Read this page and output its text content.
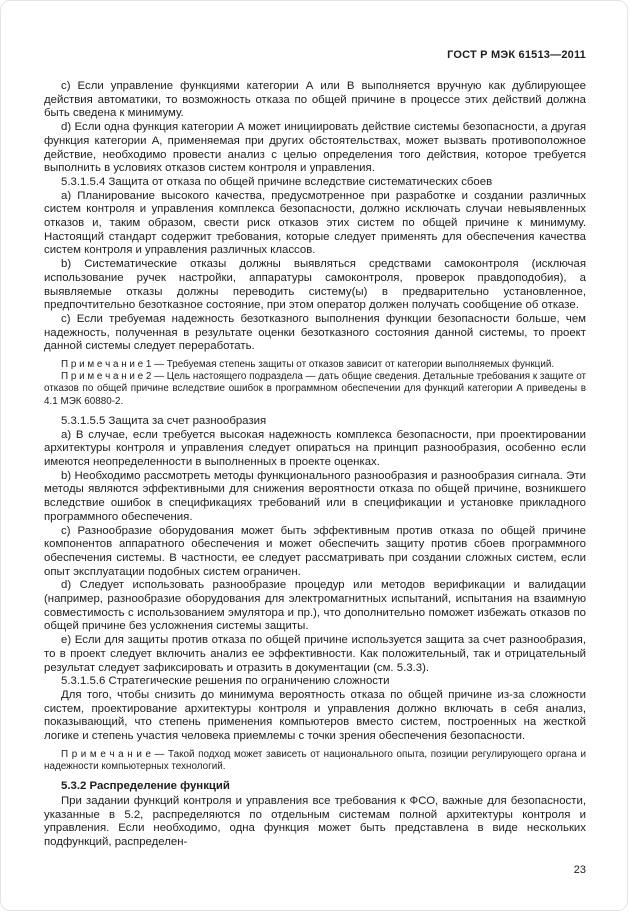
ГОСТ Р МЭК 61513—2011

c) Если управление функциями категории А или В выполняется вручную как дублирующее действия автоматики, то возможность отказа по общей причине в процессе этих действий должна быть сведена к минимуму.

d) Если одна функция категории А может инициировать действие системы безопасности, а другая функция категории А, применяемая при других обстоятельствах, может вызвать противоположное действие, необходимо провести анализ с целью определения того действия, которое требуется выполнить в условиях отказов систем контроля и управления.

5.3.1.5.4 Защита от отказа по общей причине вследствие систематических сбоев

a) Планирование высокого качества, предусмотренное при разработке и создании различных систем контроля и управления комплекса безопасности, должно исключать случаи невыявленных отказов и, таким образом, свести риск отказов этих систем по общей причине к минимуму. Настоящий стандарт содержит требования, которые следует применять для обеспечения качества систем контроля и управления различных классов.

b) Систематические отказы должны выявляться средствами самоконтроля (исключая использование ручек настройки, аппаратуры самоконтроля, проверок правдоподобия), а выявляемые отказы должны переводить систему(ы) в предварительно установленное, предпочтительно безотказное состояние, при этом оператор должен получать сообщение об отказе.

c) Если требуемая надежность безотказного выполнения функции безопасности больше, чем надежность, полученная в результате оценки безотказного состояния данной системы, то проект данной системы следует переработать.

П р и м е ч а н и е 1 — Требуемая степень защиты от отказов зависит от категории выполняемых функций.

П р и м е ч а н и е 2 — Цель настоящего подраздела — дать общие сведения. Детальные требования к защите от отказов по общей причине вследствие ошибок в программном обеспечении для функций категории А приведены в 4.1 МЭК 60880-2.

5.3.1.5.5 Защита за счет разнообразия

a) В случае, если требуется высокая надежность комплекса безопасности, при проектировании архитектуры контроля и управления следует опираться на принцип разнообразия, особенно если имеются неопределенности в выполненных в проекте оценках.

b) Необходимо рассмотреть методы функционального разнообразия и разнообразия сигнала. Эти методы являются эффективными для снижения вероятности отказа по общей причине, возникшего вследствие ошибок в спецификациях требований или в спецификации и установке прикладного программного обеспечения.

c) Разнообразие оборудования может быть эффективным против отказа по общей причине компонентов аппаратного обеспечения и может обеспечить защиту против сбоев программного обеспечения системы. В частности, ее следует рассматривать при создании сложных систем, если опыт эксплуатации подобных систем ограничен.

d) Следует использовать разнообразие процедур или методов верификации и валидации (например, разнообразие оборудования для электромагнитных испытаний, испытания на взаимную совместимость с использованием эмулятора и пр.), что дополнительно поможет избежать отказов по общей причине без усложнения системы защиты.

e) Если для защиты против отказа по общей причине используется защита за счет разнообразия, то в проект следует включить анализ ее эффективности. Как положительный, так и отрицательный результат следует зафиксировать и отразить в документации (см. 5.3.3).

5.3.1.5.6 Стратегические решения по ограничению сложности

Для того, чтобы снизить до минимума вероятность отказа по общей причине из-за сложности систем, проектирование архитектуры контроля и управления должно включать в себя анализ, показывающий, что степень применения компьютеров вместо систем, построенных на жесткой логике и степень участия человека приемлемы с точки зрения обеспечения безопасности.

П р и м е ч а н и е — Такой подход может зависеть от национального опыта, позиции регулирующего органа и надежности компьютерных технологий.

5.3.2 Распределение функций

При задании функций контроля и управления все требования к ФСО, важные для безопасности, указанные в 5.2, распределяются по отдельным системам полной архитектуры контроля и управления. Если необходимо, одна функция может быть представлена в виде нескольких подфункций, распределен-

23
